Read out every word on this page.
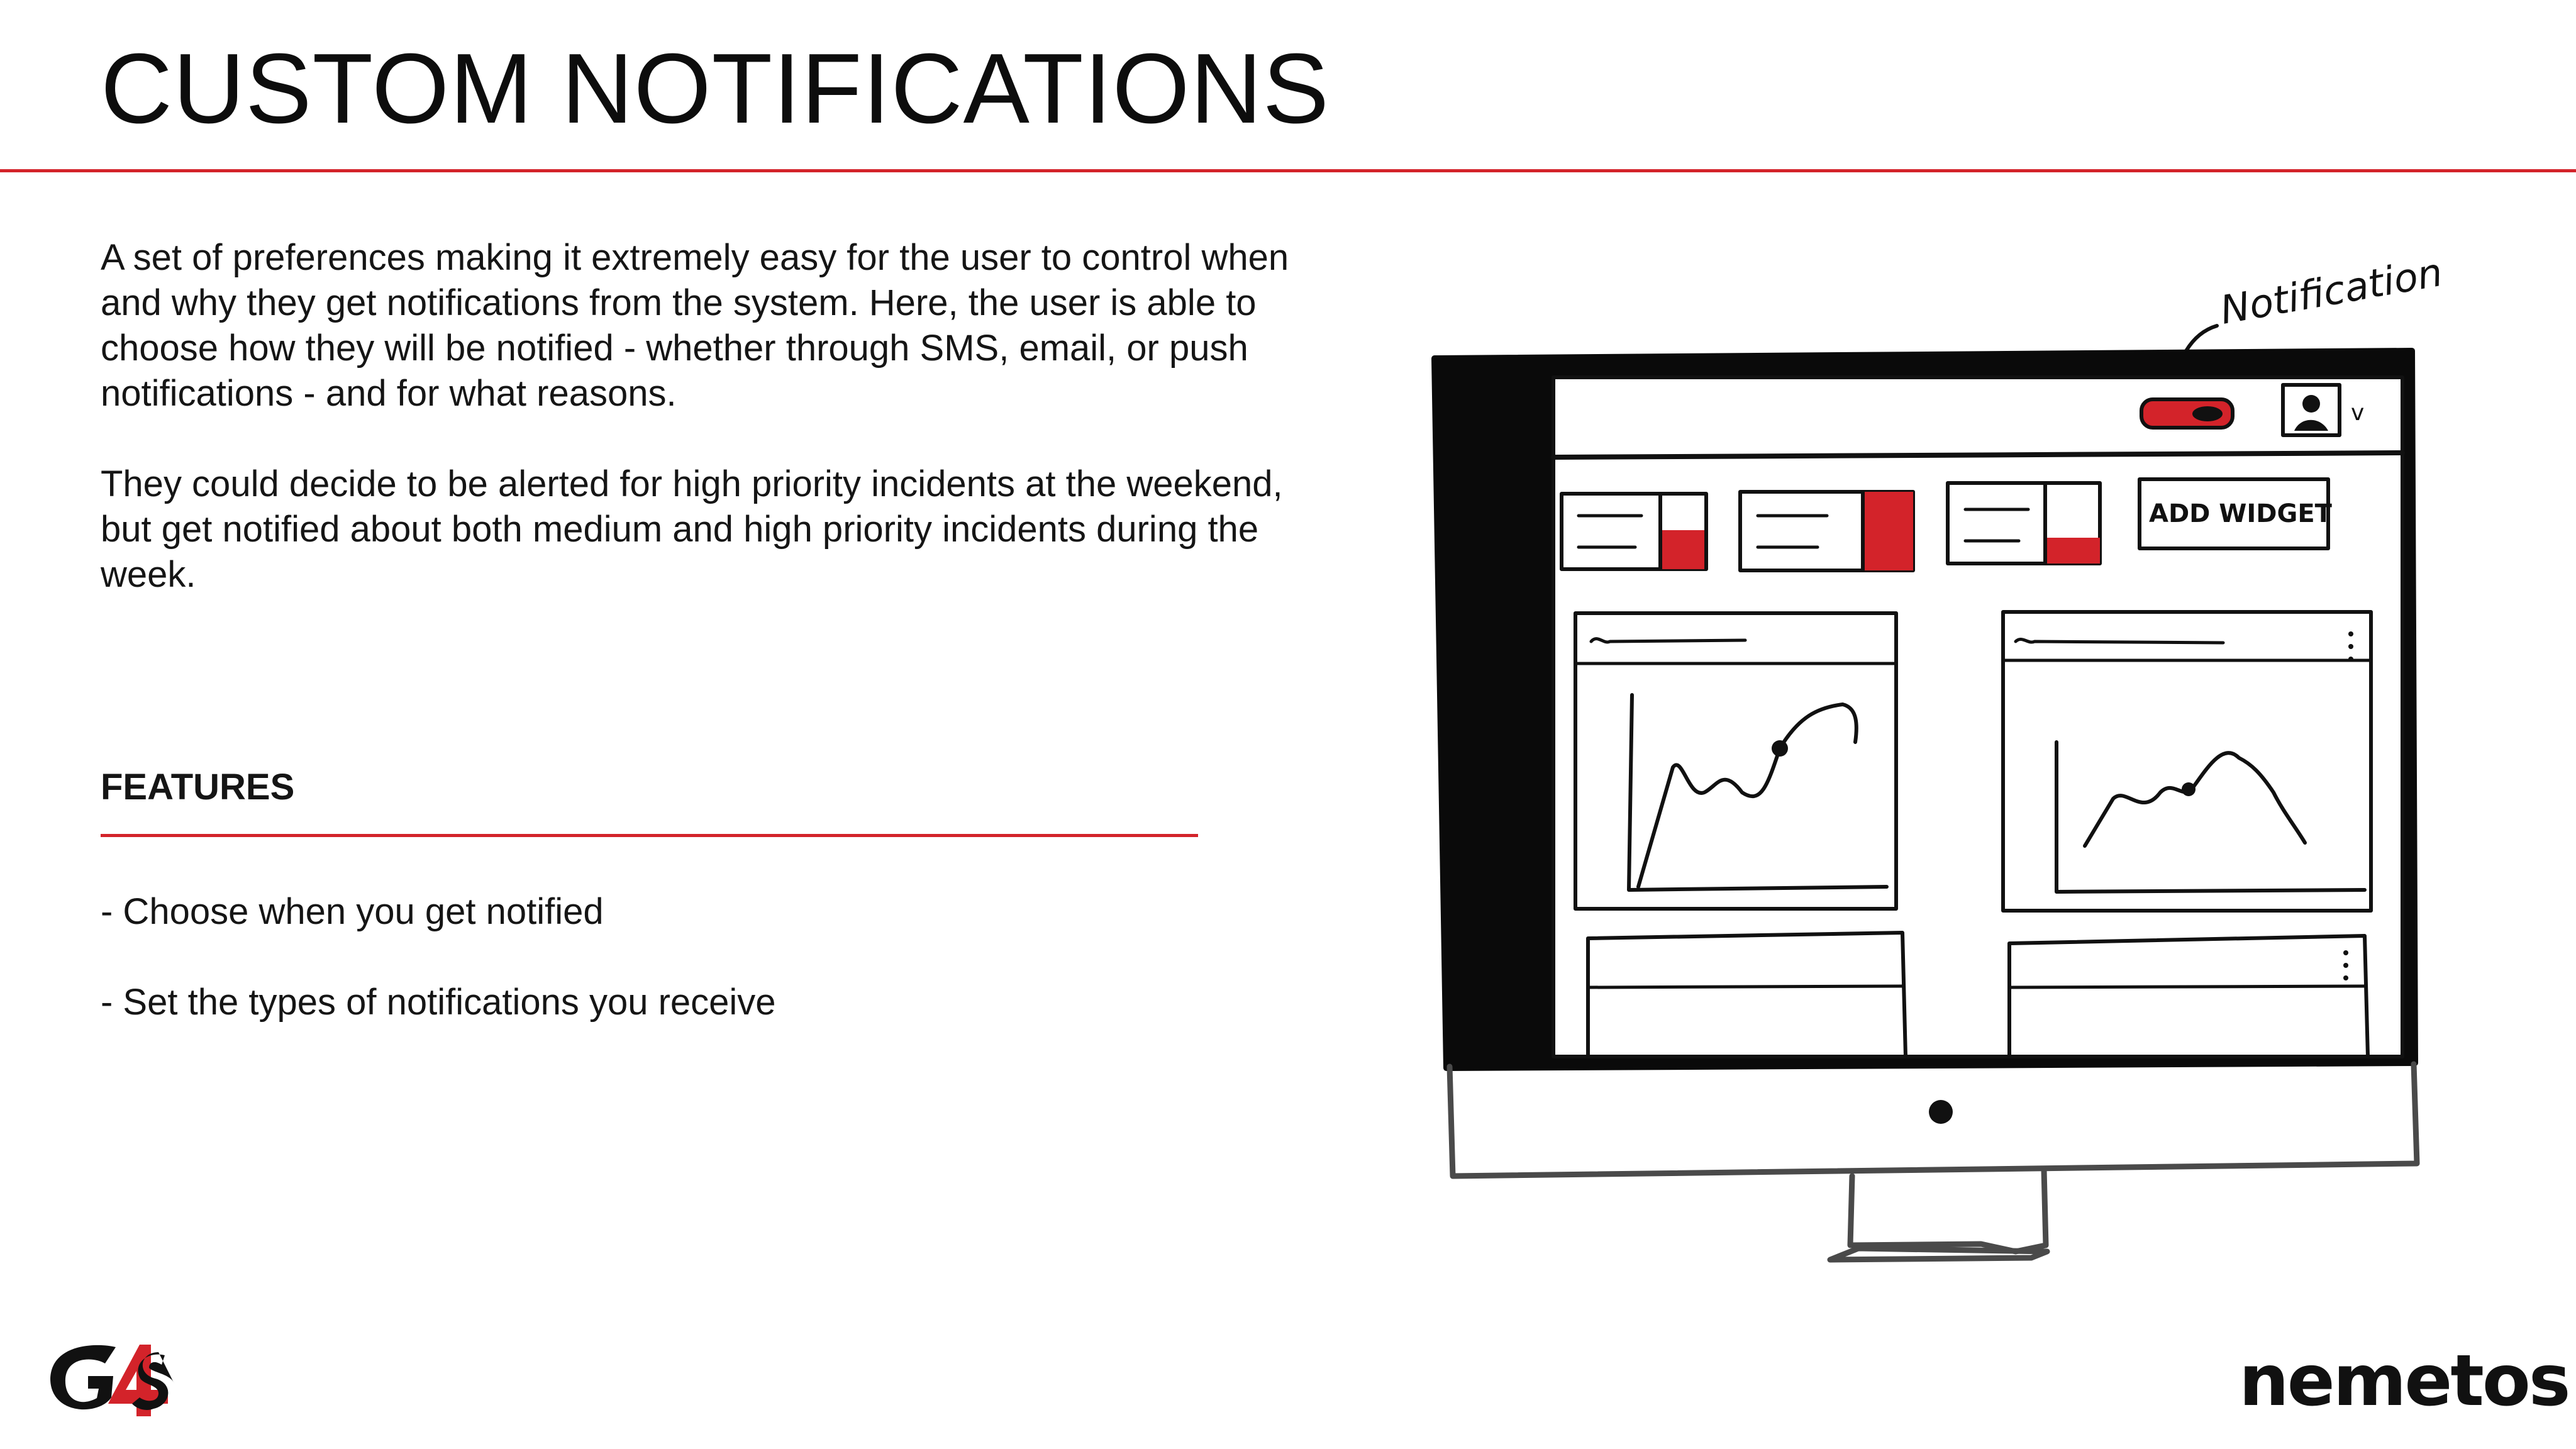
CUSTOM NOTIFICATIONS

A set of preferences making it extremely easy for the user to control when and why they get notifications from the system. Here, the user is able to choose how they will be notified - whether through SMS, email, or push notifications - and for what reasons.

They could decide to be alerted for high priority incidents at the weekend, but get notified about both medium and high priority incidents during the week.

FEATURES
- Choose when you get notified
- Set the types of notifications you receive
Notification
v
ADD WIDGET
nemetos
